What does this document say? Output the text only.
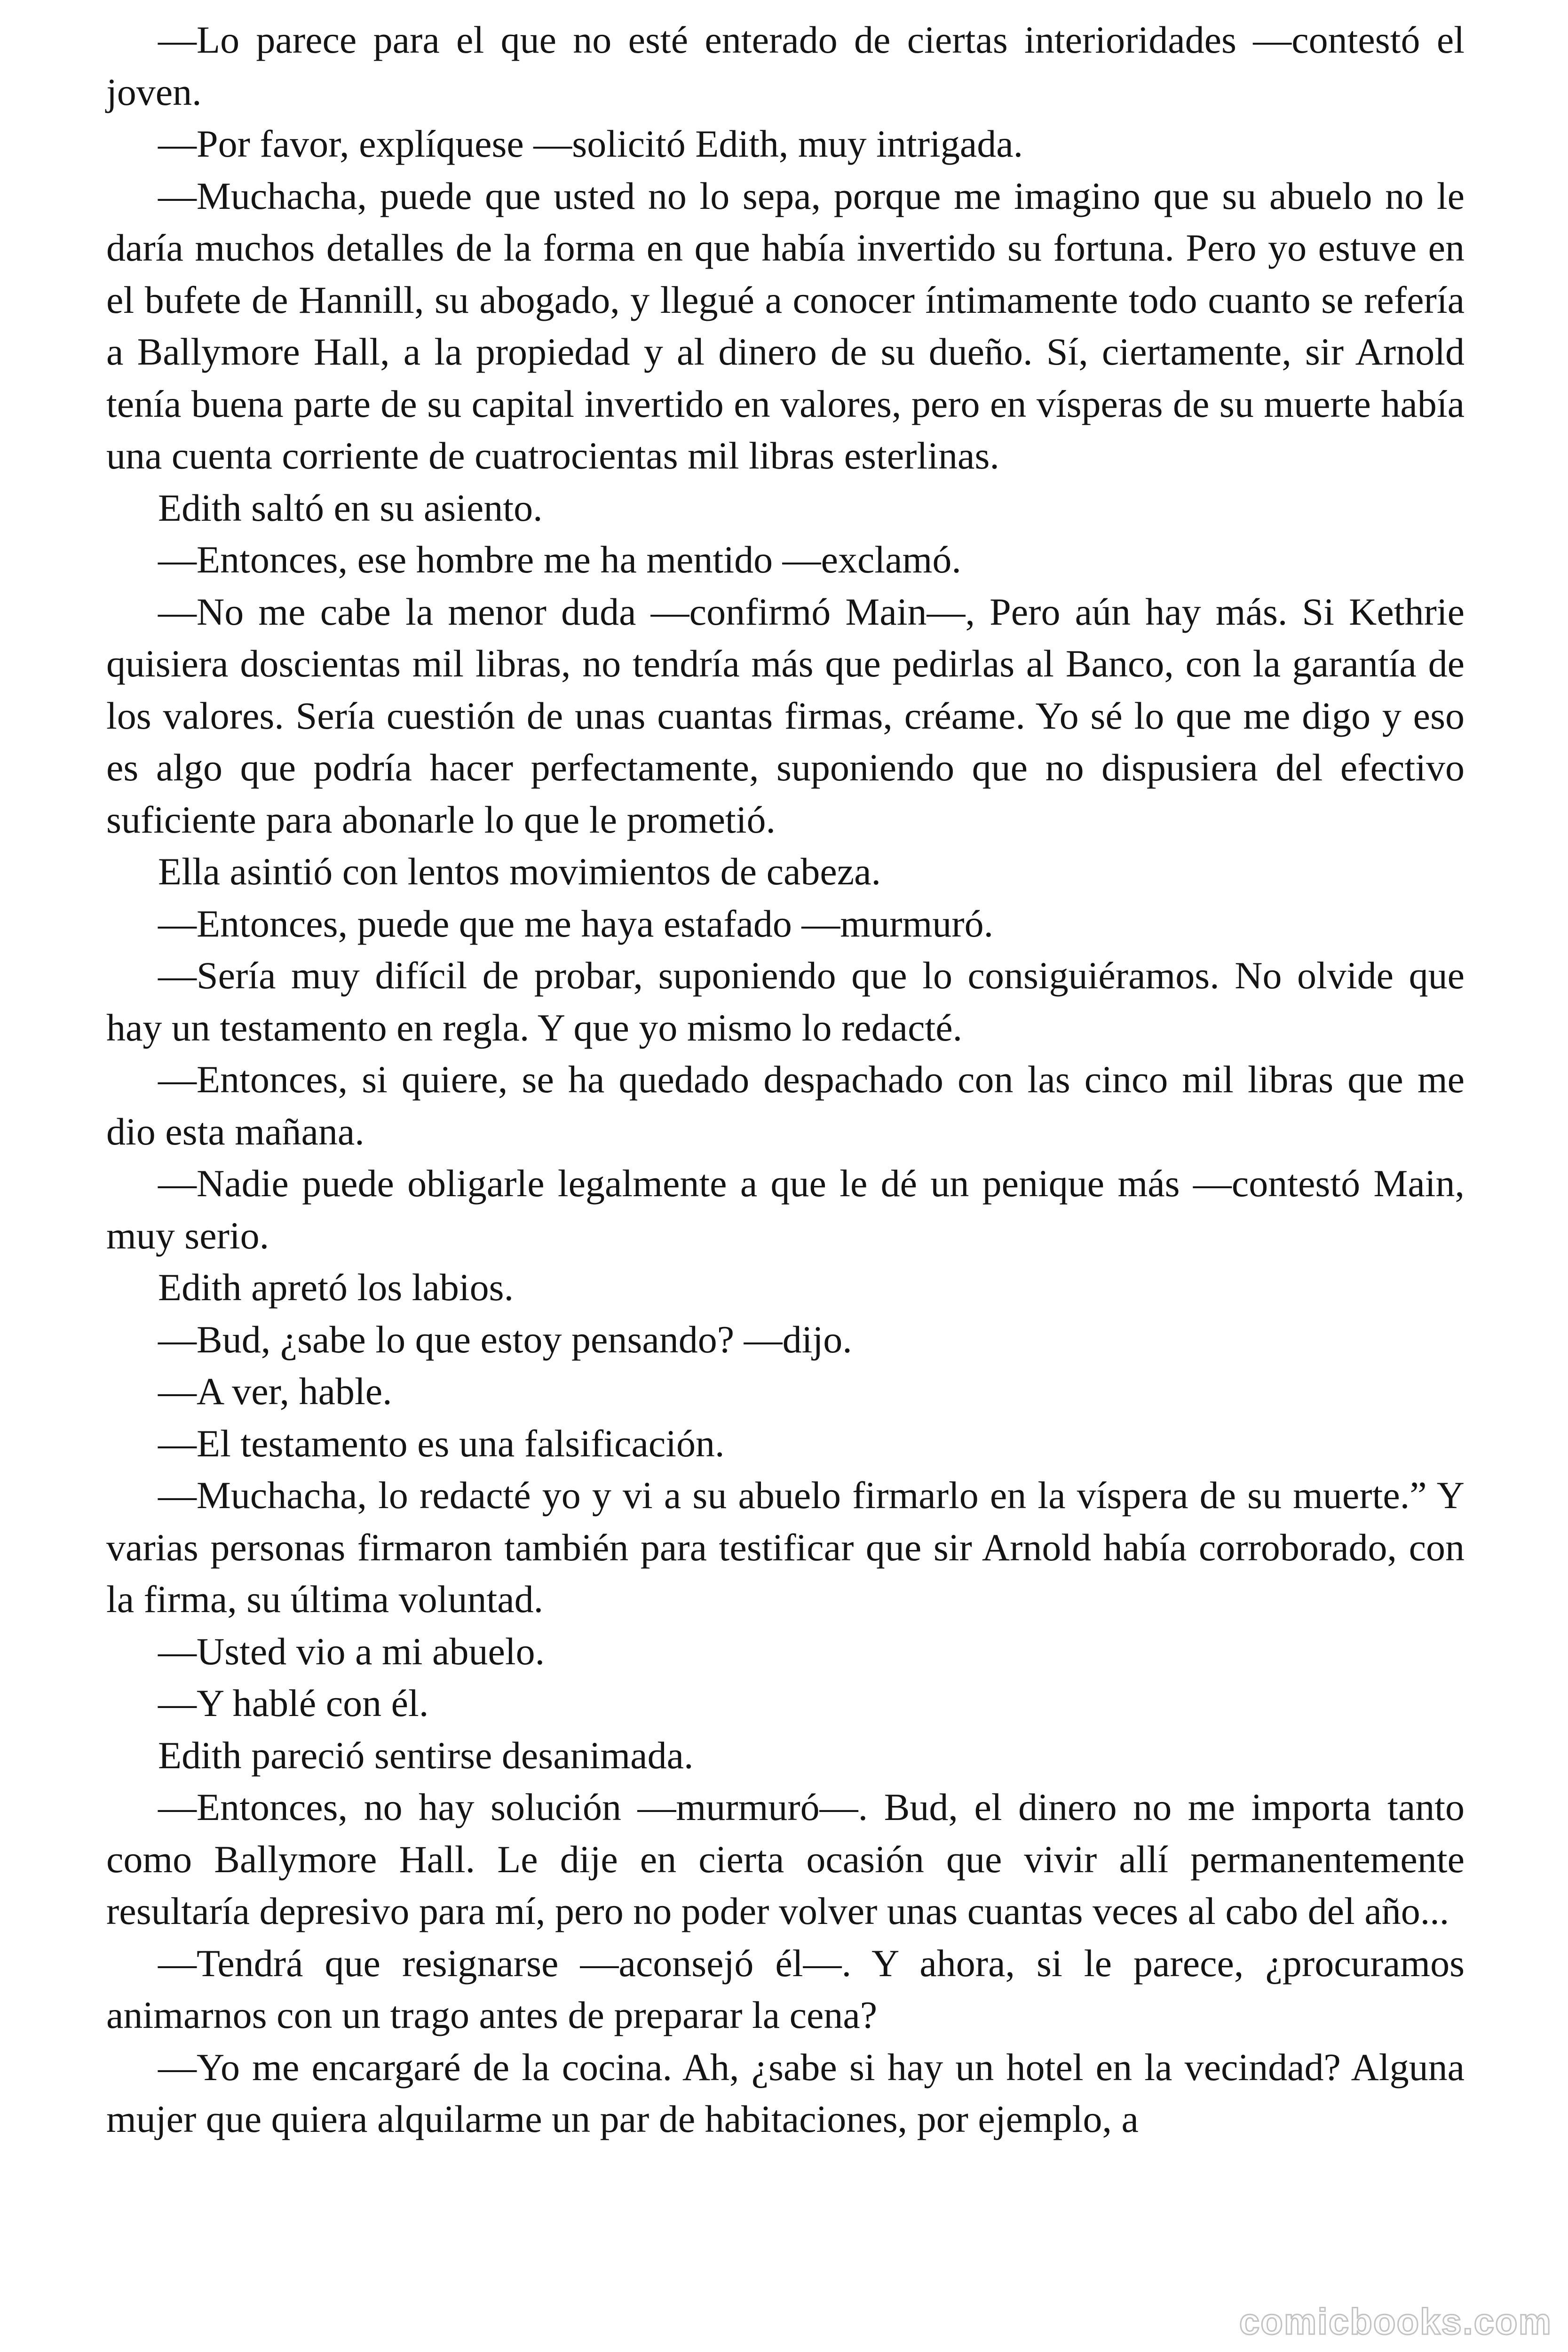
—Lo parece para el que no esté enterado de ciertas interioridades —contestó el joven.

—Por favor, explíquese —solicitó Edith, muy intrigada.

—Muchacha, puede que usted no lo sepa, porque me imagino que su abuelo no le daría muchos detalles de la forma en que había invertido su fortuna. Pero yo estuve en el bufete de Hannill, su abogado, y llegué a conocer íntimamente todo cuanto se refería a Ballymore Hall, a la propiedad y al dinero de su dueño. Sí, ciertamente, sir Arnold tenía buena parte de su capital invertido en valores, pero en vísperas de su muerte había una cuenta corriente de cuatrocientas mil libras esterlinas.

Edith saltó en su asiento.

—Entonces, ese hombre me ha mentido —exclamó.

—No me cabe la menor duda —confirmó Main—, Pero aún hay más. Si Kethrie quisiera doscientas mil libras, no tendría más que pedirlas al Banco, con la garantía de los valores. Sería cuestión de unas cuantas firmas, créame. Yo sé lo que me digo y eso es algo que podría hacer perfectamente, suponiendo que no dispusiera del efectivo suficiente para abonarle lo que le prometió.

Ella asintió con lentos movimientos de cabeza.

—Entonces, puede que me haya estafado —murmuró.

—Sería muy difícil de probar, suponiendo que lo consiguiéramos. No olvide que hay un testamento en regla. Y que yo mismo lo redacté.

—Entonces, si quiere, se ha quedado despachado con las cinco mil libras que me dio esta mañana.

—Nadie puede obligarle legalmente a que le dé un penique más —contestó Main, muy serio.

Edith apretó los labios.

—Bud, ¿sabe lo que estoy pensando? —dijo.

—A ver, hable.

—El testamento es una falsificación.

—Muchacha, lo redacté yo y vi a su abuelo firmarlo en la víspera de su muerte.” Y varias personas firmaron también para testificar que sir Arnold había corroborado, con la firma, su última voluntad.

—Usted vio a mi abuelo.

—Y hablé con él.

Edith pareció sentirse desanimada.

—Entonces, no hay solución —murmuró—. Bud, el dinero no me importa tanto como Ballymore Hall. Le dije en cierta ocasión que vivir allí permanentemente resultaría depresivo para mí, pero no poder volver unas cuantas veces al cabo del año...

—Tendrá que resignarse —aconsejó él—. Y ahora, si le parece, ¿procuramos animarnos con un trago antes de preparar la cena?

—Yo me encargaré de la cocina. Ah, ¿sabe si hay un hotel en la vecindad? Alguna mujer que quiera alquilarme un par de habitaciones, por ejemplo, a

comicbooks.com
